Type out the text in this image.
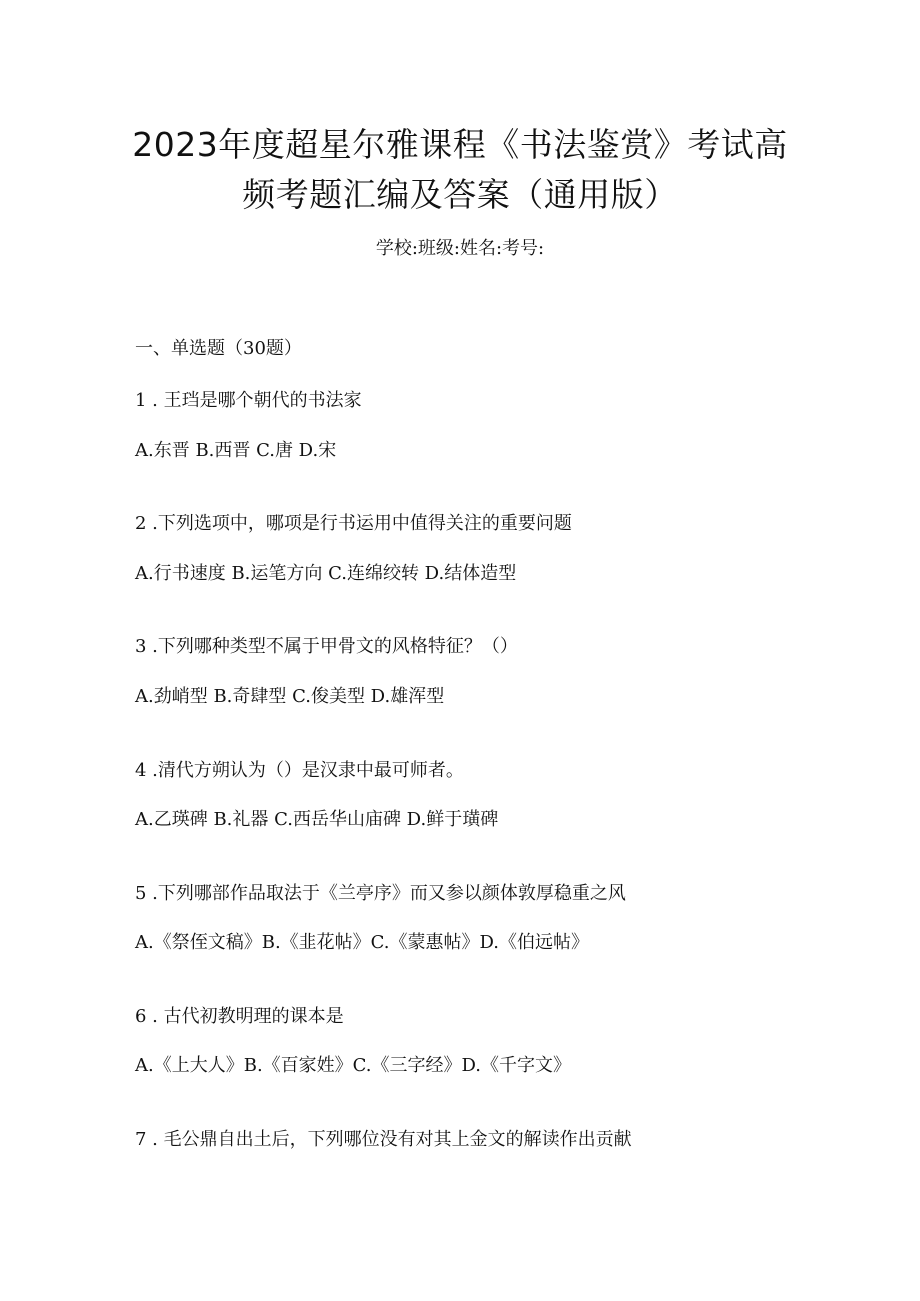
2023年度超星尔雅课程《书法鉴赏》考试高
频考题汇编及答案（通用版）
学校:班级:姓名:考号:
一、单选题（30题）
1 . 王珰是哪个朝代的书法家
A.东晋 B.西晋 C.唐 D.宋
2 .下列选项中，哪项是行书运用中值得关注的重要问题
A.行书速度 B.运笔方向 C.连绵绞转 D.结体造型
3 .下列哪种类型不属于甲骨文的风格特征？（）
A.劲峭型 B.奇肆型 C.俊美型 D.雄浑型
4 .清代方朔认为（）是汉隶中最可师者。
A.乙瑛碑 B.礼器 C.西岳华山庙碑 D.鲜于璜碑
5 .下列哪部作品取法于《兰亭序》而又参以颜体敦厚稳重之风
A.《祭侄文稿》B.《韭花帖》C.《蒙惠帖》D.《伯远帖》
6 . 古代初教明理的课本是
A.《上大人》B.《百家姓》C.《三字经》D.《千字文》
7 . 毛公鼎自出土后，下列哪位没有对其上金文的解读作出贡献
